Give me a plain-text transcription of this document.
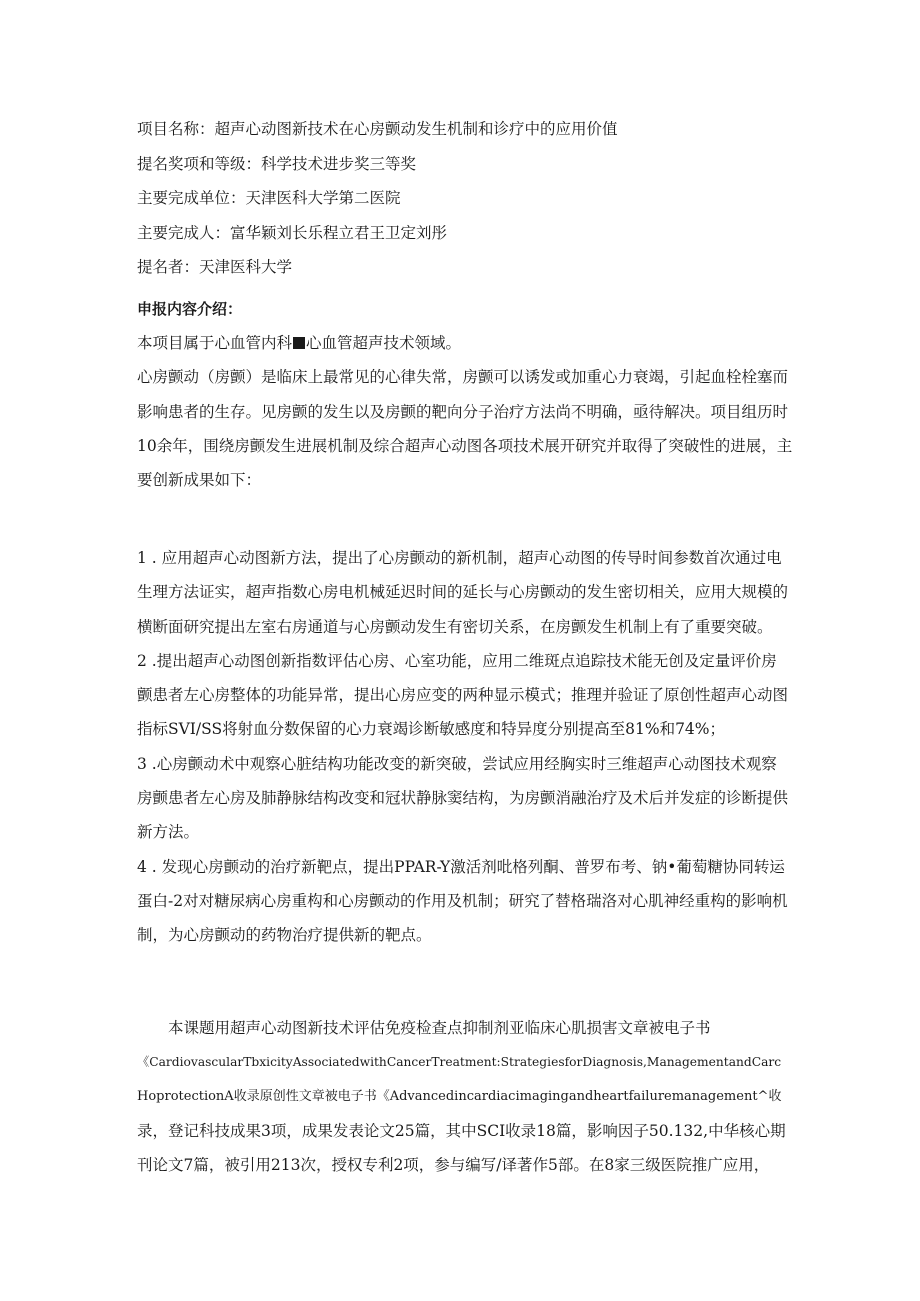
项目名称：超声心动图新技术在心房颤动发生机制和诊疗中的应用价值
提名奖项和等级：科学技术进步奖三等奖
主要完成单位：天津医科大学第二医院
主要完成人：富华颖刘长乐程立君王卫定刘彤
提名者：天津医科大学
申报内容介绍：
本项目属于心血管内科 心血管超声技术领域。
心房颤动（房颤）是临床上最常见的心律失常，房颤可以诱发或加重心力衰竭，引起血栓栓塞而
影响患者的生存。见房颤的发生以及房颤的靶向分子治疗方法尚不明确，亟待解决。项目组历时
10余年，围绕房颤发生进展机制及综合超声心动图各项技术展开研究并取得了突破性的进展，主
要创新成果如下：
1 . 应用超声心动图新方法，提出了心房颤动的新机制，超声心动图的传导时间参数首次通过电
生理方法证实，超声指数心房电机械延迟时间的延长与心房颤动的发生密切相关，应用大规模的
横断面研究提出左室右房通道与心房颤动发生有密切关系，在房颤发生机制上有了重要突破。
2 .提出超声心动图创新指数评估心房、心室功能，应用二维斑点追踪技术能无创及定量评价房
颤患者左心房整体的功能异常，提出心房应变的两种显示模式；推理并验证了原创性超声心动图
指标SVI/SS将射血分数保留的心力衰竭诊断敏感度和特异度分别提高至81%和74%；
3 .心房颤动术中观察心脏结构功能改变的新突破，尝试应用经胸实时三维超声心动图技术观察
房颤患者左心房及肺静脉结构改变和冠状静脉窦结构，为房颤消融治疗及术后并发症的诊断提供
新方法。
4 . 发现心房颤动的治疗新靶点，提出PPAR-Y激活剂吡格列酮、普罗布考、钠•葡萄糖协同转运
蛋白-2对对糖尿病心房重构和心房颤动的作用及机制；研究了替格瑞洛对心肌神经重构的影响机
制，为心房颤动的药物治疗提供新的靶点。
本课题用超声心动图新技术评估免疫检查点抑制剂亚临床心肌损害文章被电子书
《CardiovascularTbxicityAssociatedwithCancerTreatment:StrategiesforDiagnosis,ManagementandCarc
HoprotectionA收录原创性文章被电子书《Advancedincardiacimagingandheartfailuremanagement^收
录，登记科技成果3项，成果发表论文25篇，其中SCI收录18篇，影响因子50.132,中华核心期
刊论文7篇，被引用213次，授权专利2项，参与编写/译著作5部。在8家三级医院推广应用，
